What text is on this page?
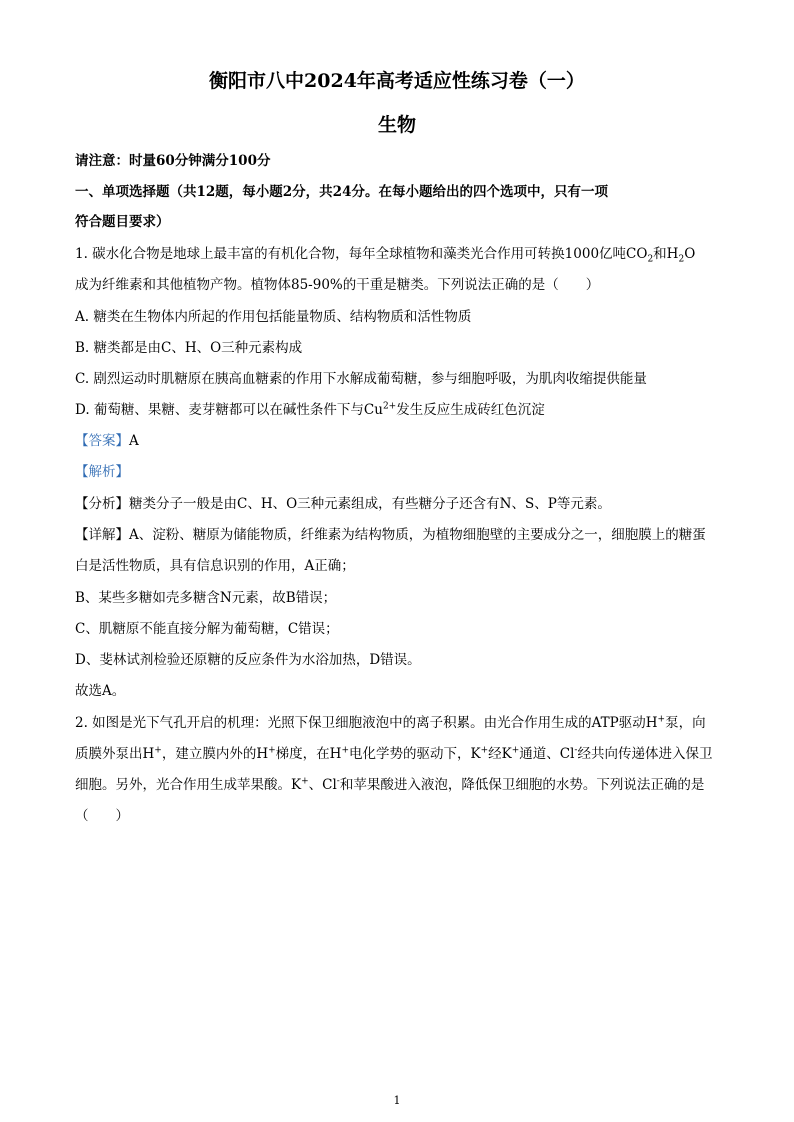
衡阳市八中2024年高考适应性练习卷（一）
生物
请注意：时量60分钟满分100分
一、单项选择题（共12题，每小题2分，共24分。在每小题给出的四个选项中，只有一项
符合题目要求）
1. 碳水化合物是地球上最丰富的有机化合物，每年全球植物和藻类光合作用可转换1000亿吨$CO_2$和$H_2O$
成为纤维素和其他植物产物。植物体85-90%的干重是糖类。下列说法正确的是（　　）
A. 糖类在生物体内所起的作用包括能量物质、结构物质和活性物质
B. 糖类都是由C、H、O三种元素构成
C. 剧烈运动时肌糖原在胰高血糖素的作用下水解成葡萄糖，参与细胞呼吸，为肌肉收缩提供能量
D. 葡萄糖、果糖、麦芽糖都可以在碱性条件下与$Cu^{2+}$发生反应生成砖红色沉淀
【答案】A
【解析】
【分析】糖类分子一般是由C、H、O三种元素组成，有些糖分子还含有N、S、P等元素。
【详解】A、淀粉、糖原为储能物质，纤维素为结构物质，为植物细胞壁的主要成分之一，细胞膜上的糖蛋
白是活性物质，具有信息识别的作用，A正确；
B、某些多糖如壳多糖含N元素，故B错误；
C、肌糖原不能直接分解为葡萄糖，C错误；
D、斐林试剂检验还原糖的反应条件为水浴加热，D错误。
故选A。
2. 如图是光下气孔开启的机理：光照下保卫细胞液泡中的离子积累。由光合作用生成的ATP驱动H+泵，向
质膜外泵出H+，建立膜内外的H+梯度，在H+电化学势的驱动下，K+经K+通道、Cl-经共向传递体进入保卫
细胞。另外，光合作用生成苹果酸。K+、Cl-和苹果酸进入液泡，降低保卫细胞的水势。下列说法正确的是
（　　）
1
